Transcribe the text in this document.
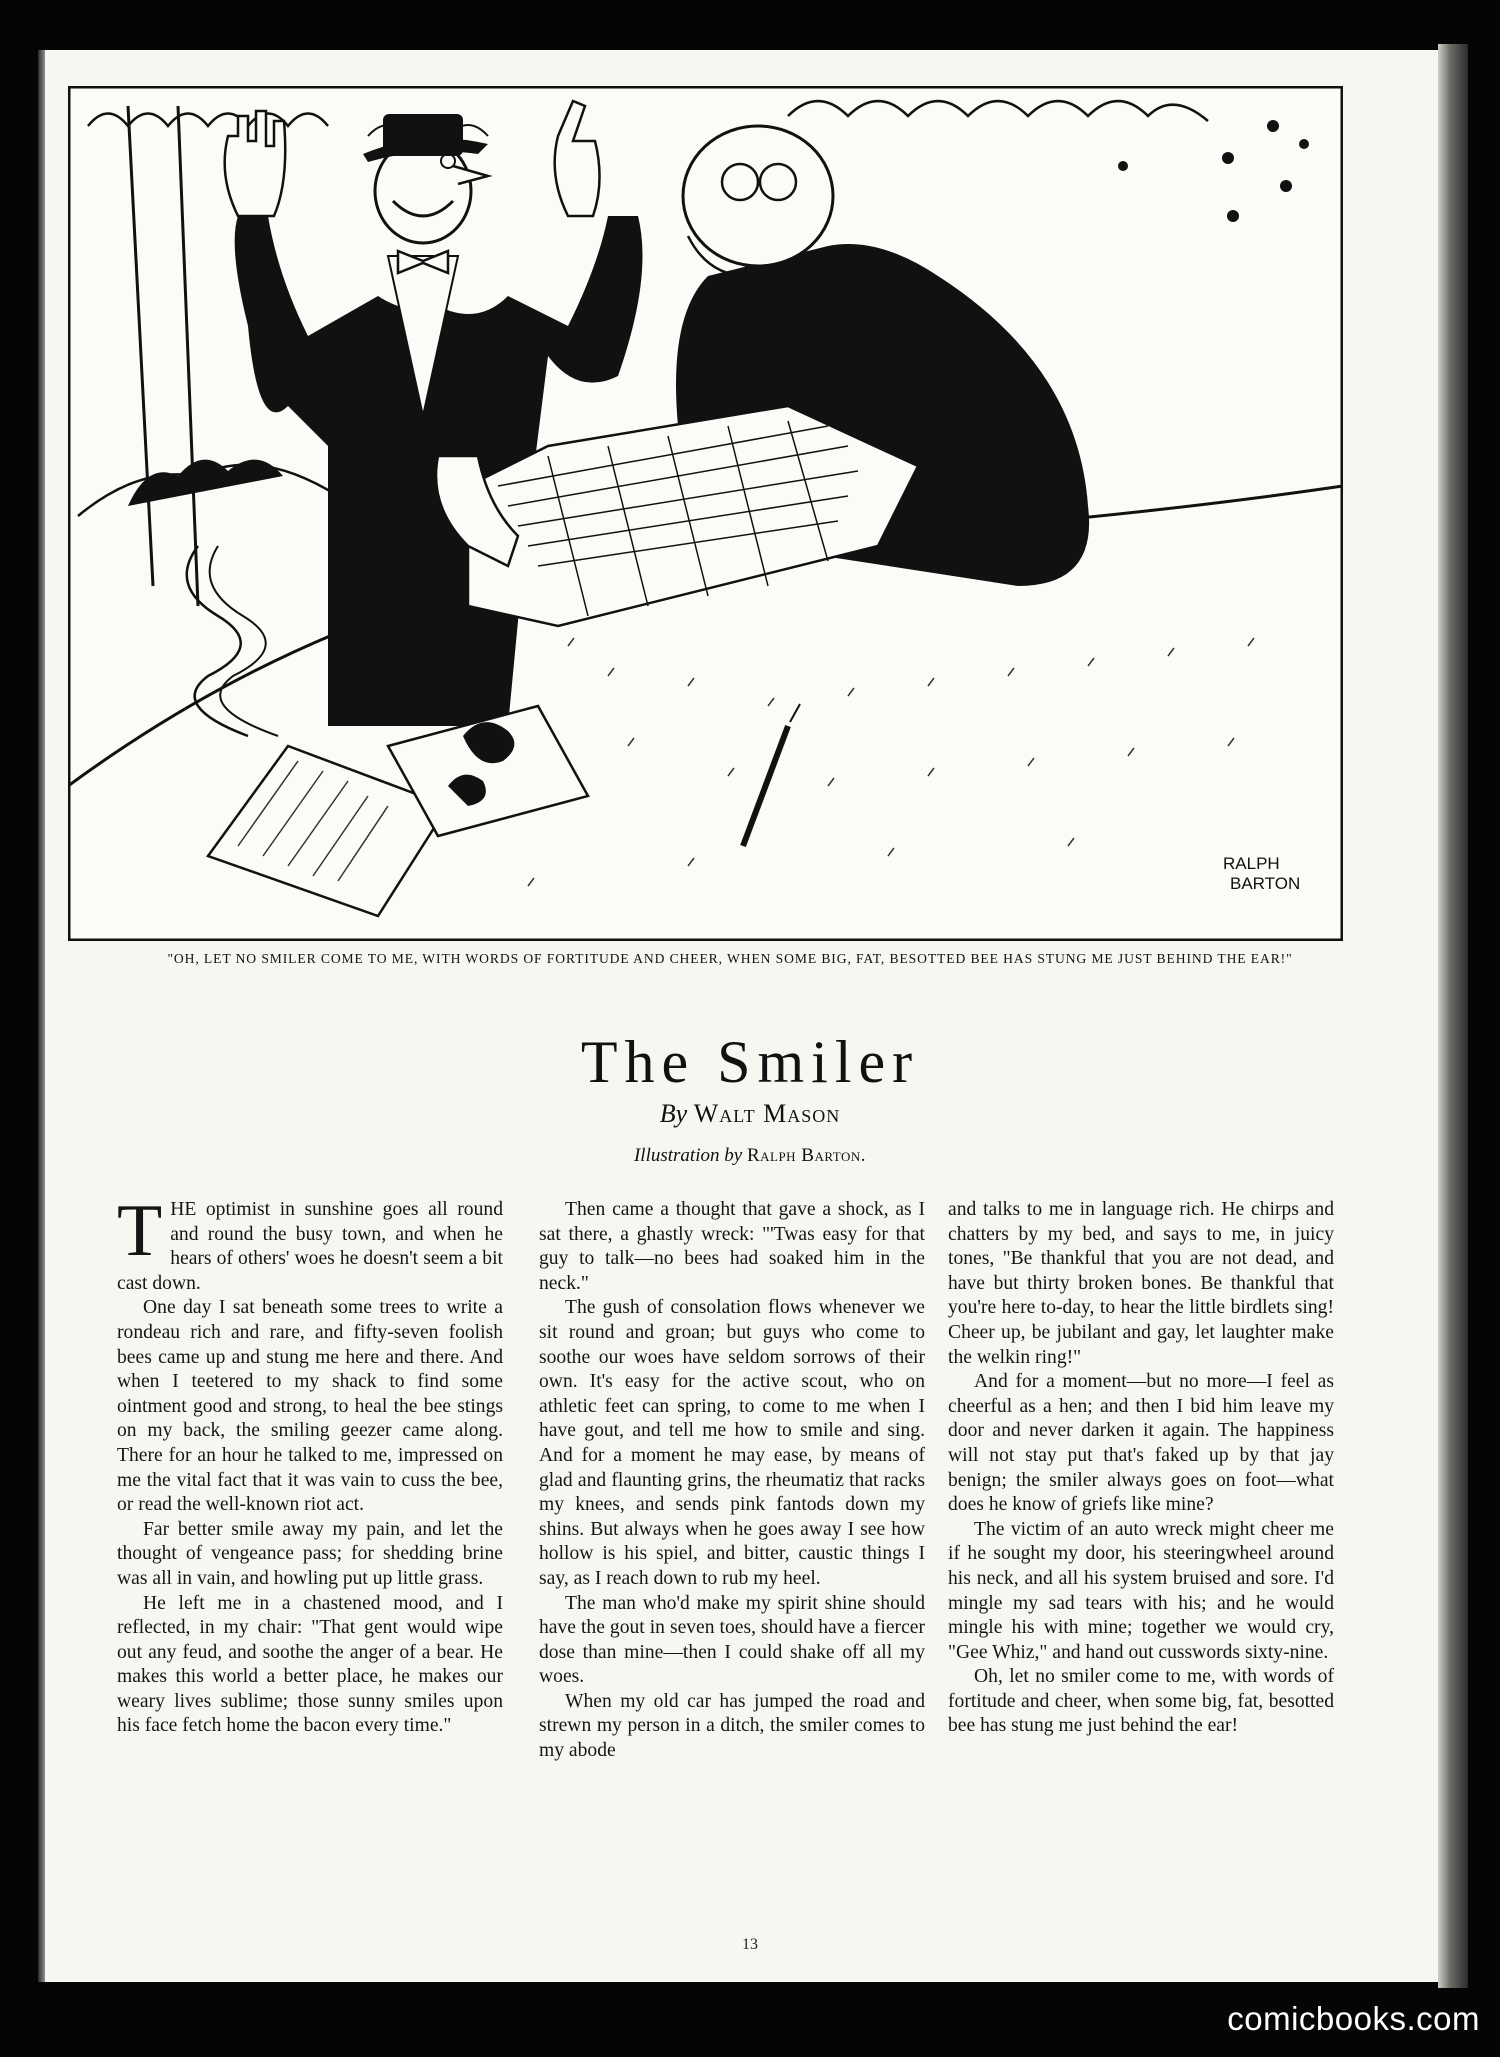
RALPH
BARTON
"OH, LET NO SMILER COME TO ME, WITH WORDS OF FORTITUDE AND CHEER, WHEN SOME BIG, FAT, BESOTTED BEE HAS STUNG ME JUST BEHIND THE EAR!"
The Smiler
By Walt Mason
Illustration by Ralph Barton.

THE optimist in sunshine goes all round and round the busy town, and when he hears of others' woes he doesn't seem a bit cast down.

One day I sat beneath some trees to write a rondeau rich and rare, and fifty-seven foolish bees came up and stung me here and there. And when I teetered to my shack to find some ointment good and strong, to heal the bee stings on my back, the smiling geezer came along. There for an hour he talked to me, impressed on me the vital fact that it was vain to cuss the bee, or read the well-known riot act.

Far better smile away my pain, and let the thought of vengeance pass; for shedding brine was all in vain, and howling put up little grass.

He left me in a chastened mood, and I reflected, in my chair: "That gent would wipe out any feud, and soothe the anger of a bear. He makes this world a better place, he makes our weary lives sublime; those sunny smiles upon his face fetch home the bacon every time."

Then came a thought that gave a shock, as I sat there, a ghastly wreck: "'Twas easy for that guy to talk—no bees had soaked him in the neck."

The gush of consolation flows whenever we sit round and groan; but guys who come to soothe our woes have seldom sorrows of their own. It's easy for the active scout, who on athletic feet can spring, to come to me when I have gout, and tell me how to smile and sing. And for a moment he may ease, by means of glad and flaunting grins, the rheumatiz that racks my knees, and sends pink fantods down my shins. But always when he goes away I see how hollow is his spiel, and bitter, caustic things I say, as I reach down to rub my heel.

The man who'd make my spirit shine should have the gout in seven toes, should have a fiercer dose than mine—then I could shake off all my woes.

When my old car has jumped the road and strewn my person in a ditch, the smiler comes to my abode

and talks to me in language rich. He chirps and chatters by my bed, and says to me, in juicy tones, "Be thankful that you are not dead, and have but thirty broken bones. Be thankful that you're here to-day, to hear the little birdlets sing! Cheer up, be jubilant and gay, let laughter make the welkin ring!"

And for a moment—but no more—I feel as cheerful as a hen; and then I bid him leave my door and never darken it again. The happiness will not stay put that's faked up by that jay benign; the smiler always goes on foot—what does he know of griefs like mine?

The victim of an auto wreck might cheer me if he sought my door, his steeringwheel around his neck, and all his system bruised and sore. I'd mingle my sad tears with his; and he would mingle his with mine; together we would cry, "Gee Whiz," and hand out cusswords sixty-nine.

Oh, let no smiler come to me, with words of fortitude and cheer, when some big, fat, besotted bee has stung me just behind the ear!

13
comicbooks.com
